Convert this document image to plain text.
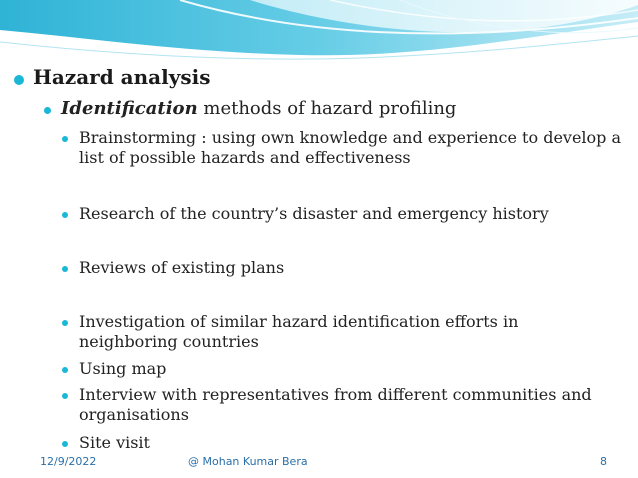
Hazard analysis
Identification methods of hazard profiling
Brainstorming : using own knowledge and experience to develop a list of possible hazards and effectiveness
Research of the country’s disaster and emergency history
Reviews of existing plans
Investigation of similar hazard identification efforts in neighboring countries
Using map
Interview with representatives from different communities and organisations
Site visit
12/9/2022	@ Mohan Kumar Bera	8
